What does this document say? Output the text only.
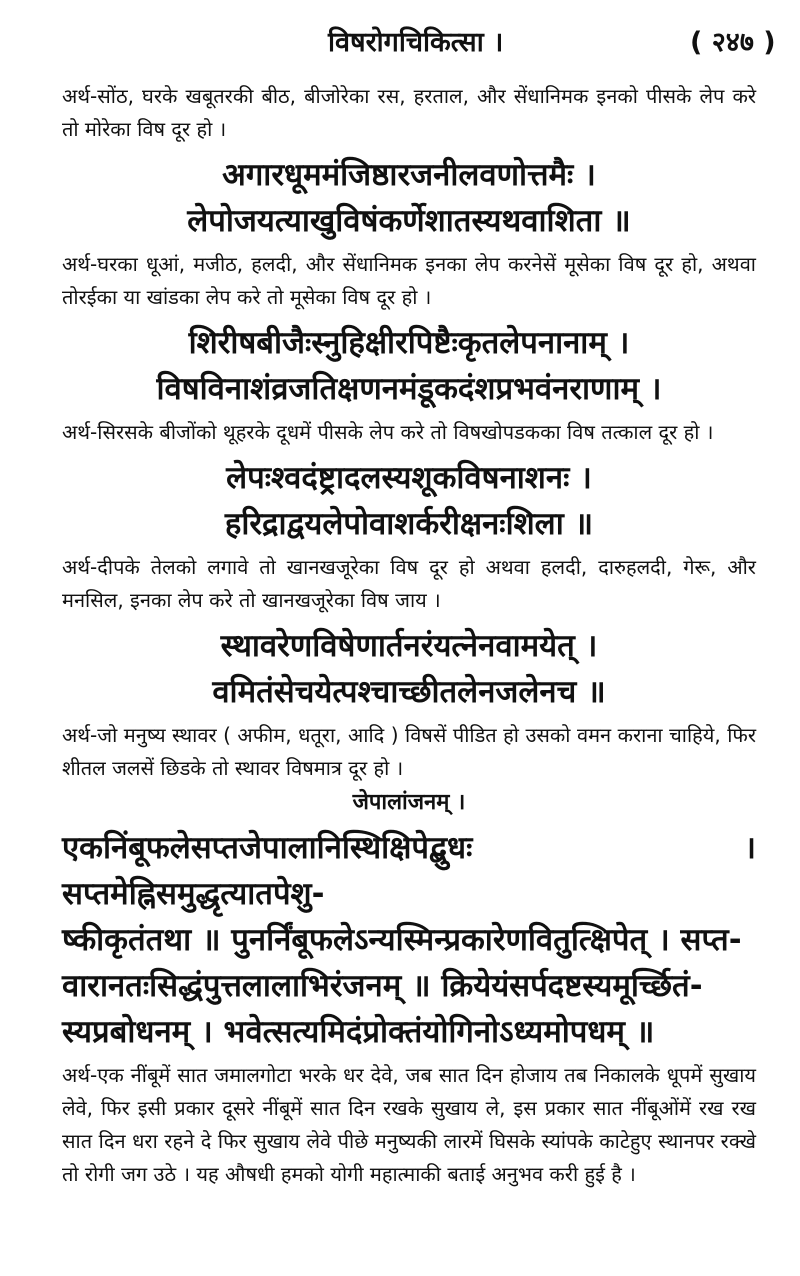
विषरोगचिकित्सा ।	( २४७ )

अर्थ-सोंठ, घरके खबूतरकी बीठ, बीजोरेका रस, हरताल, और सेंधानिमक इनको पीसके लेप करे तो मोरेका विष दूर हो ।

अगारधूममंजिष्ठारजनीलवणोत्तमैः ।
लेपोजयत्याखुविषंकर्णेशातस्यथवाशिता ॥

अर्थ-घरका धूआं, मजीठ, हलदी, और सेंधानिमक इनका लेप करनेसें मूसेका विष दूर हो, अथवा तोरईका या खांडका लेप करे तो मूसेका विष दूर हो ।

शिरीषबीजैःस्नुहिक्षीरपिष्टैःकृतलेपनानाम् ।
विषविनाशंव्रजतिक्षणनमंडूकदंशप्रभवंनराणाम् ।

अर्थ-सिरसके बीजोंको थूहरके दूधमें पीसके लेप करे तो विषखोपडकका विष तत्काल दूर हो ।

लेपःश्वदंष्ट्रादलस्यशूकविषनाशनः ।
हरिद्राद्वयलेपोवाशर्करीक्षनःशिला ॥

अर्थ-दीपके तेलको लगावे तो खानखजूरेका विष दूर हो अथवा हलदी, दारुहलदी, गेरू, और मनसिल, इनका लेप करे तो खानखजूरेका विष जाय ।

स्थावरेणविषेणार्तनरंयत्नेनवामयेत् ।
वमितंसेचयेत्पश्चाच्छीतलेनजलेनच ॥

अर्थ-जो मनुष्य स्थावर ( अफीम, धतूरा, आदि ) विषसें पीडित हो उसको वमन कराना चाहिये, फिर शीतल जलसें छिडके तो स्थावर विषमात्र दूर हो ।

जेपालांजनम् ।
एकनिंबूफलेसप्तजेपालानिस्थिक्षिपेद्बुधः । सप्तमेह्निसमुद्धृत्यातपेशु-
ष्कीकृतंतथा ॥ पुनर्निंबूफलेऽन्यस्मिन्प्रकारेणवितुत्क्षिपेत् । सप्त-
वारानतःसिद्धंपुत्तलालाभिरंजनम् ॥ क्रियेयंसर्पदष्टस्यमूर्च्छितं-
स्यप्रबोधनम् । भवेत्सत्यमिदंप्रोक्तंयोगिनोऽध्यमोपधम् ॥

अर्थ-एक नींबूमें सात जमालगोटा भरके धर देवे, जब सात दिन होजाय तब निकालके धूपमें सुखाय लेवे, फिर इसी प्रकार दूसरे नींबूमें सात दिन रखके सुखाय ले, इस प्रकार सात नींबूओंमें रख रख सात दिन धरा रहने दे फिर सुखाय लेवे पीछे मनुष्यकी लारमें घिसके स्यांपके काटेहुए स्थानपर रक्खे तो रोगी जग उठे । यह औषधी हमको योगी महात्माकी बताई अनुभव करी हुई है ।
